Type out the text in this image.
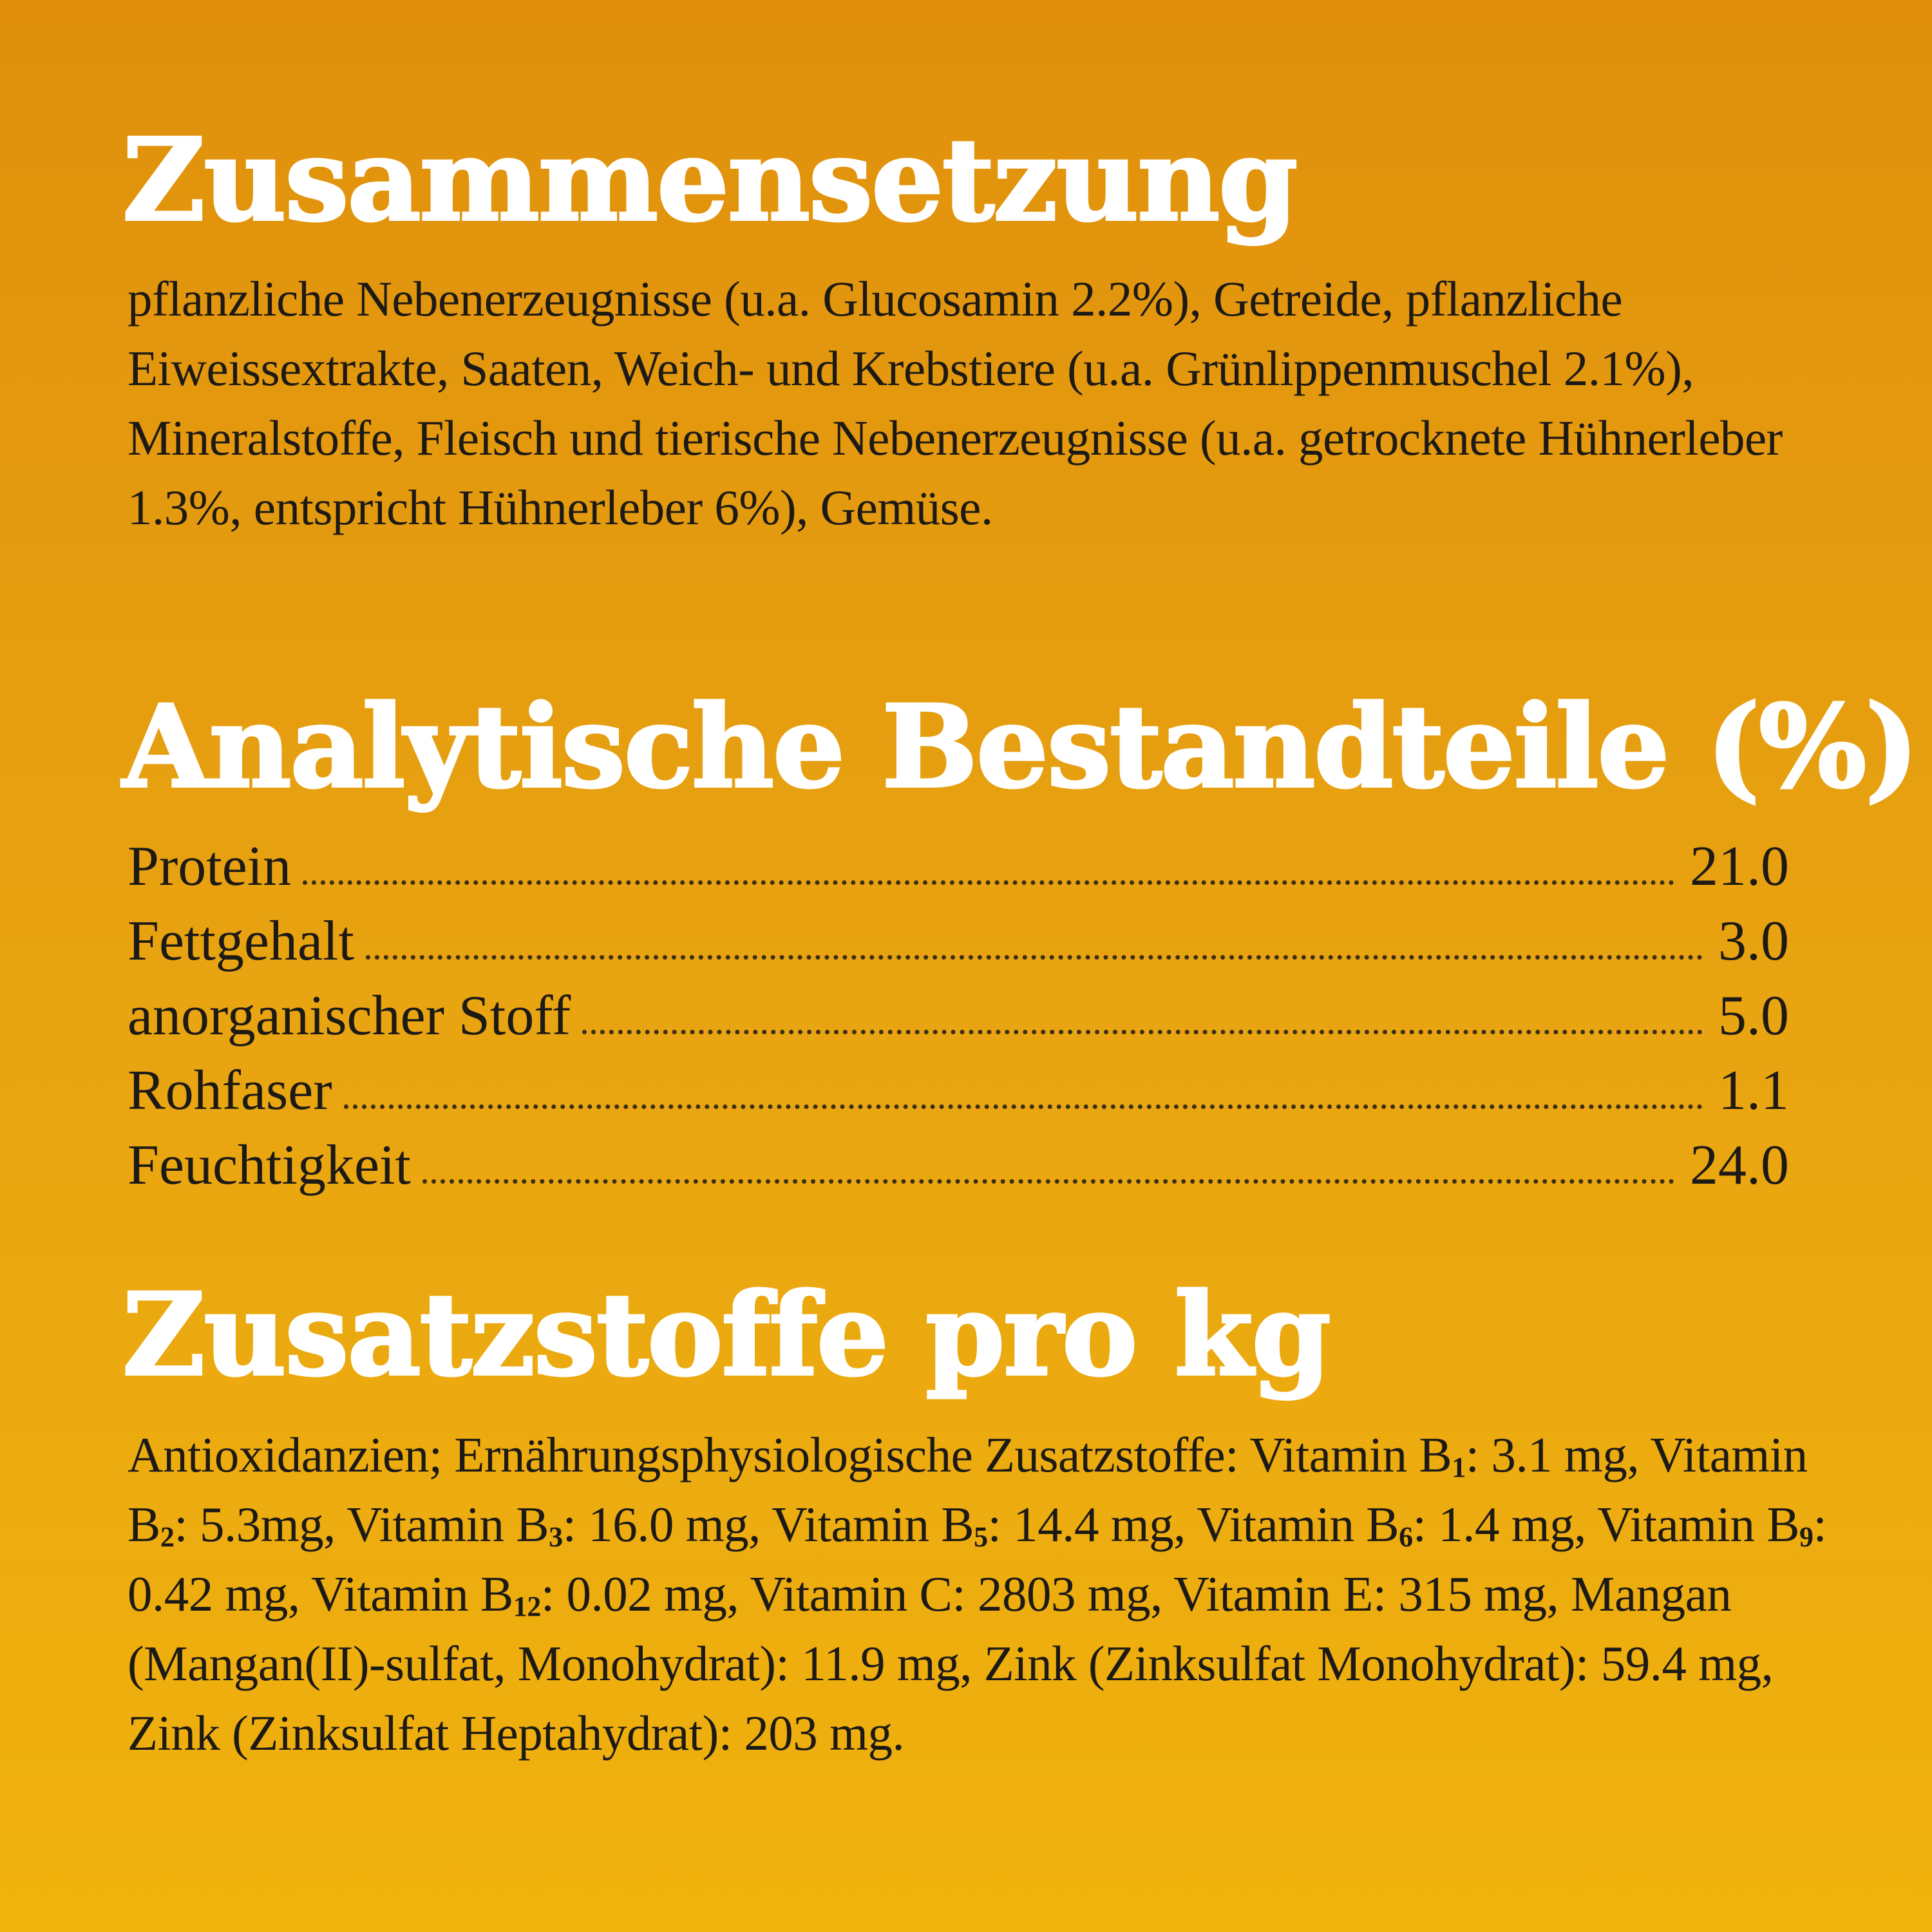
Zusammensetzung

pflanzliche Nebenerzeugnisse (u.a. Glucosamin 2.2%), Getreide, pflanzliche Eiweissextrakte, Saaten, Weich- und Krebstiere (u.a. Grünlippenmuschel 2.1%), Mineralstoffe, Fleisch und tierische Nebenerzeugnisse (u.a. getrocknete Hühnerleber 1.3%, entspricht Hühnerleber 6%), Gemüse.

Analytische Bestandteile (%)
Protein	21.0
Fettgehalt	3.0
anorganischer Stoff	5.0
Rohfaser	1.1
Feuchtigkeit	24.0
Zusatzstoffe pro kg

Antioxidanzien; Ernährungsphysiologische Zusatzstoffe: Vitamin $B_1$: 3.1 mg, Vitamin $B_2$: 5.3mg, Vitamin $B_3$: 16.0 mg, Vitamin $B_5$: 14.4 mg, Vitamin $B_6$: 1.4 mg, Vitamin $B_9$: 0.42 mg, Vitamin $B_{12}$: 0.02 mg, Vitamin C: 2803 mg, Vitamin E: 315 mg, Mangan (Mangan(II)-sulfat, Monohydrat): 11.9 mg, Zink (Zinksulfat Monohydrat): 59.4 mg, Zink (Zinksulfat Heptahydrat): 203 mg.
